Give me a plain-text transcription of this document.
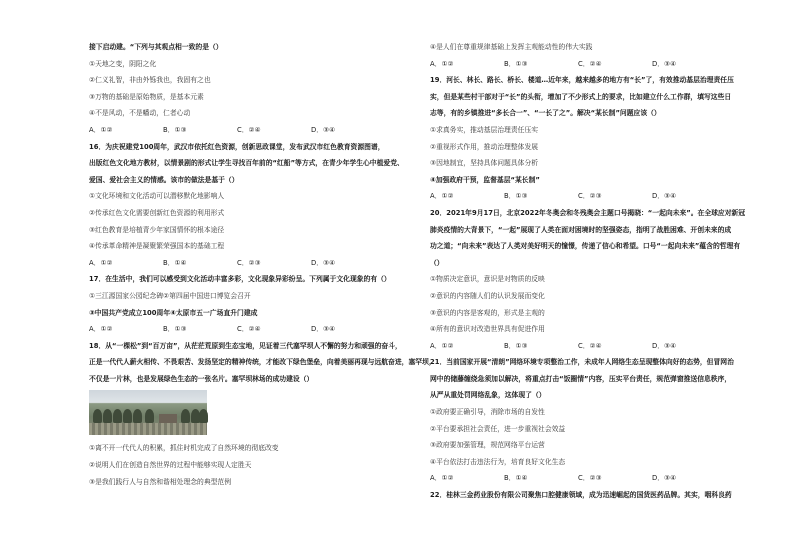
接下启动建。“下列与其观点相一致的是（）
①天地之变，阴阳之化
②仁义礼智，非由外铄我也，我固有之也
③万物的基础是原始物质，是基本元素
④不是风动，不是幡动，仁者心动
A．①②	B．①③	C．②④	D．③④
16．为庆祝建党100周年，武汉市依托红色资源，创新思政课堂，发布武汉市红色教育资源图谱，
出版红色文化地方教材，以情景剧的形式让学生寻找百年前的“红船”等方式，在青少年学生心中植爱党、
爱国、爱社会主义的情感。该市的做法是基于（）
①文化环境和文化活动可以潜移默化地影响人
②传承红色文化需要创新红色资源的利用形式
③红色教育是培植青少年家国情怀的根本途径
④传承革命精神是凝聚繁荣强国本的基础工程
A．①②	B．①④	C．②③	D．③④
17．在生活中，我们可以感受到文化活动丰富多彩，文化现象异彩纷呈。下列属于文化现象的有（）
①三江源国家公园纪念碑②第四届中国进口博览会召开
③中国共产党成立100周年④太原市五一广场直升门建成
A．①②	B．①③	C．②④	D．③④
18．从“一棵松”到“百万亩”，从茫茫荒原到生态宝地，见证着三代塞罕坝人不懈的努力和顽强的奋斗，
正是一代代人薪火相传、不畏艰苦、发扬坚定的精神传统，才能改下绿色堡垒，向着美丽再现与远航奋进，塞罕坝，
不仅是一片林，也是发展绿色生态的一张名片。塞罕坝林场的成功建设（）
①离不开一代代人的积累，抓住时机完成了自然环境的彻底改变
②说明人们在创造自然世界的过程中能够实现人定胜天
③是我们践行人与自然和谐相处理念的典型范例
④是人们在尊重规律基础上发挥主观能动性的伟大实践
A．①②	B．①③	C．②④	D．③④
19．河长、林长、路长、桥长、楼道…近年来，越来越多的地方有“长”了，有效推动基层治理责任压
实，但是某些村干部对于“长”的头衔，增加了不少形式上的要求，比如建立什么工作群，填写这些日
志等，有的乡镇推进“多长合一”、“一长了之”。解决“某长制”问题应该（）
①求真务实，推动基层治理责任压实
②重视形式作用，推动治理整体发展
③因地制宜，坚持具体问题具体分析
④加强政府干预，监督基层“某长制”
A．①②	B．①③	C．②③	D．③④
20．2021年9月17日，北京2022年冬奥会和冬残奥会主题口号揭晓：“一起向未来”。在全球应对新冠
肺炎疫情的大背景下，“一起”展现了人类在面对困境时的坚强姿态，指明了战胜困难、开创未来的成
功之道；“向未来”表达了人类对美好明天的憧憬，传递了信心和希望。口号“一起向未来”蕴含的哲理有
（）
①物质决定意识，意识是对物质的反映
②意识的内容随人们的认识发展而变化
③意识的内容是客观的，形式是主观的
④所有的意识对改造世界具有促进作用
A．①②	B．①③	C．②④	D．③④
21．当前国家开展“清朗”网络环境专项整治工作，未成年人网络生态呈现整体向好的态势，但冒网治
网中的储藤缠绕急须加以解决，将重点打击“饭圈情”内容，压实平台责任，规范弹窗推送信息秩序，
从严从重处罚网络乱象，这体现了（）
①政府要正确引导，消除市场的自发性
②平台要承担社会责任，进一步重视社会效益
③政府要加强管理，规范网络平台运营
④平台依法打击违法行为，培育良好文化生态
A．①②	B．①④	C．②③	D．③④
22．桂林三金药业股份有限公司聚焦口腔健康领域，成为迅速崛起的国货医药品牌。其实，咽科良药
